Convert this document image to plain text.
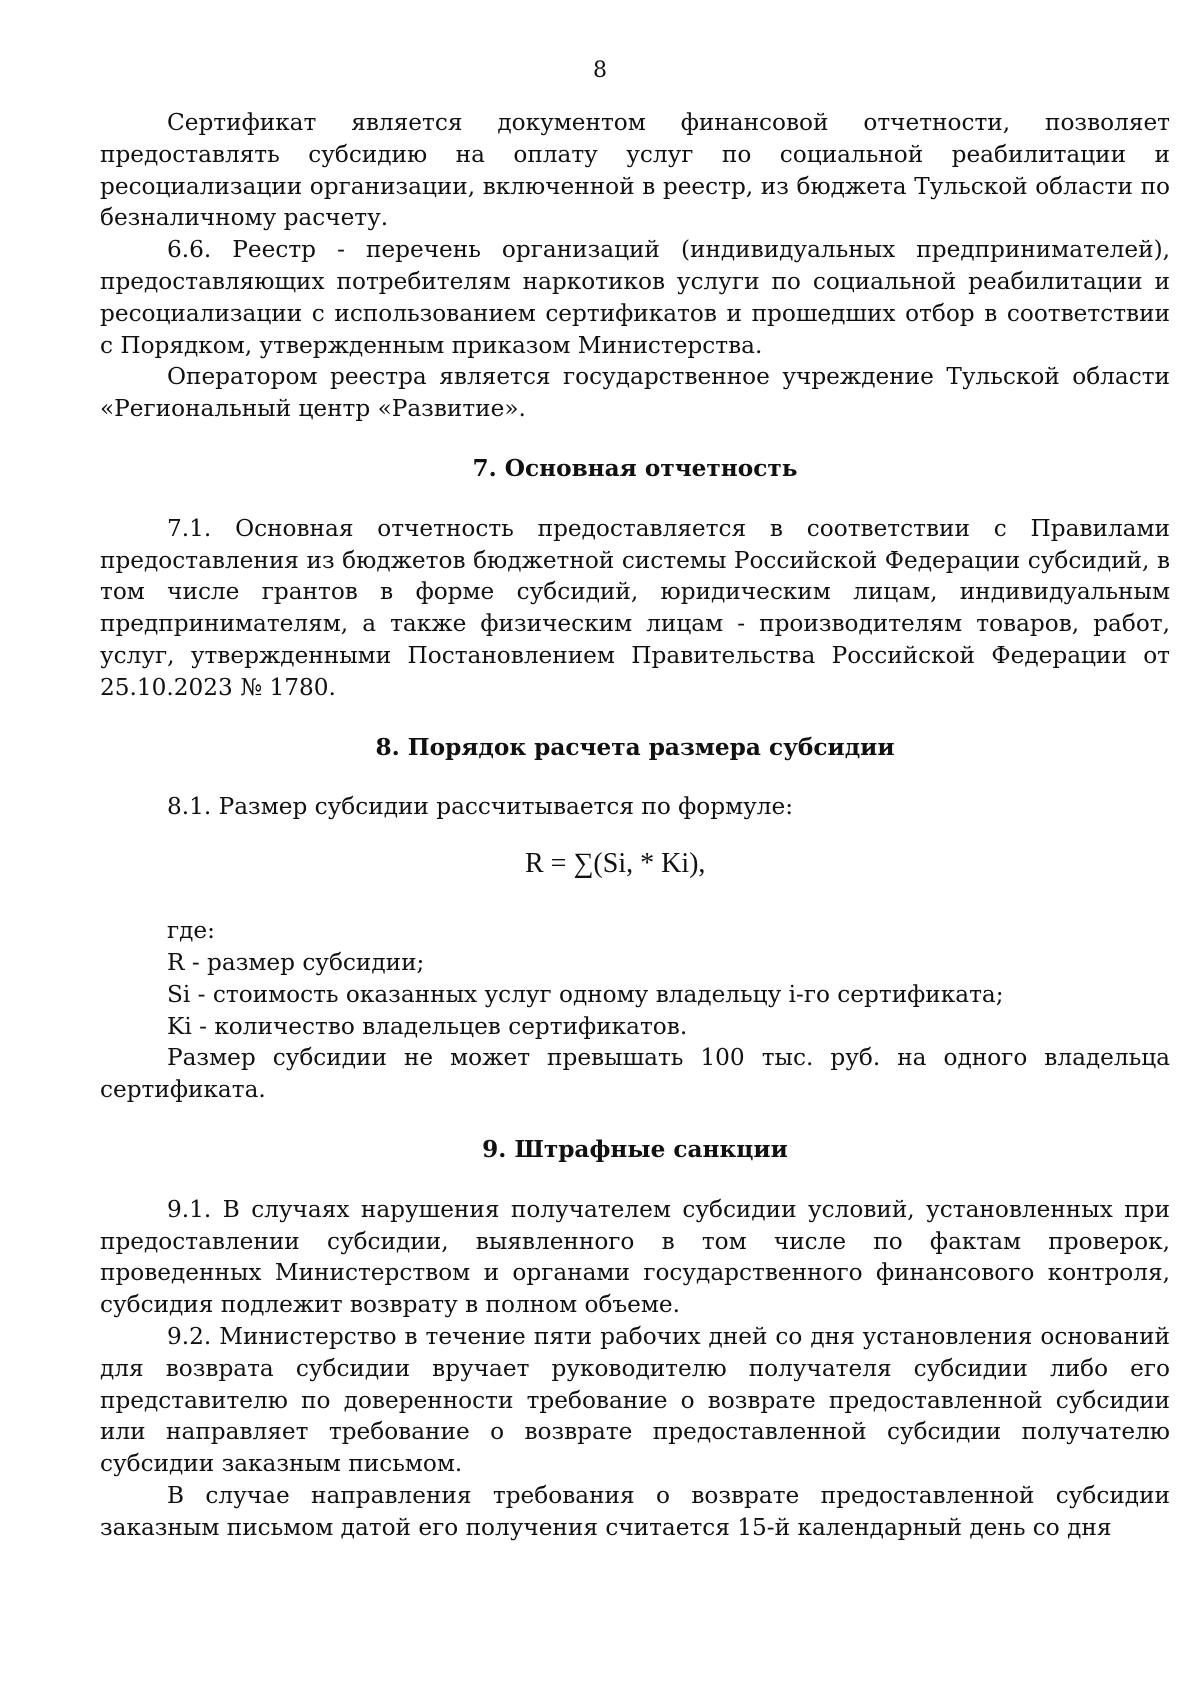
8

Сертификат является документом финансовой отчетности, позволяет предоставлять субсидию на оплату услуг по социальной реабилитации и ресоциализации организации, включенной в реестр, из бюджета Тульской области по безналичному расчету.

6.6. Реестр - перечень организаций (индивидуальных предпринимателей), предоставляющих потребителям наркотиков услуги по социальной реабилитации и ресоциализации с использованием сертификатов и прошедших отбор в соответствии с Порядком, утвержденным приказом Министерства.

Оператором реестра является государственное учреждение Тульской области «Региональный центр «Развитие».

7. Основная отчетность

7.1. Основная отчетность предоставляется в соответствии с Правилами предоставления из бюджетов бюджетной системы Российской Федерации субсидий, в том числе грантов в форме субсидий, юридическим лицам, индивидуальным предпринимателям, а также физическим лицам - производителям товаров, работ, услуг, утвержденными Постановлением Правительства Российской Федерации от 25.10.2023 № 1780.

8. Порядок расчета размера субсидии

8.1. Размер субсидии рассчитывается по формуле:

R = ∑(Si, * Ki),

где:

R - размер субсидии;

Si - стоимость оказанных услуг одному владельцу i-го сертификата;

Ki - количество владельцев сертификатов.

Размер субсидии не может превышать 100 тыс. руб. на одного владельца сертификата.

9. Штрафные санкции

9.1. В случаях нарушения получателем субсидии условий, установленных при предоставлении субсидии, выявленного в том числе по фактам проверок, проведенных Министерством и органами государственного финансового контроля, субсидия подлежит возврату в полном объеме.

9.2. Министерство в течение пяти рабочих дней со дня установления оснований для возврата субсидии вручает руководителю получателя субсидии либо его представителю по доверенности требование о возврате предоставленной субсидии или направляет требование о возврате предоставленной субсидии получателю субсидии заказным письмом.

В случае направления требования о возврате предоставленной субсидии заказным письмом датой его получения считается 15-й календарный день со дня
